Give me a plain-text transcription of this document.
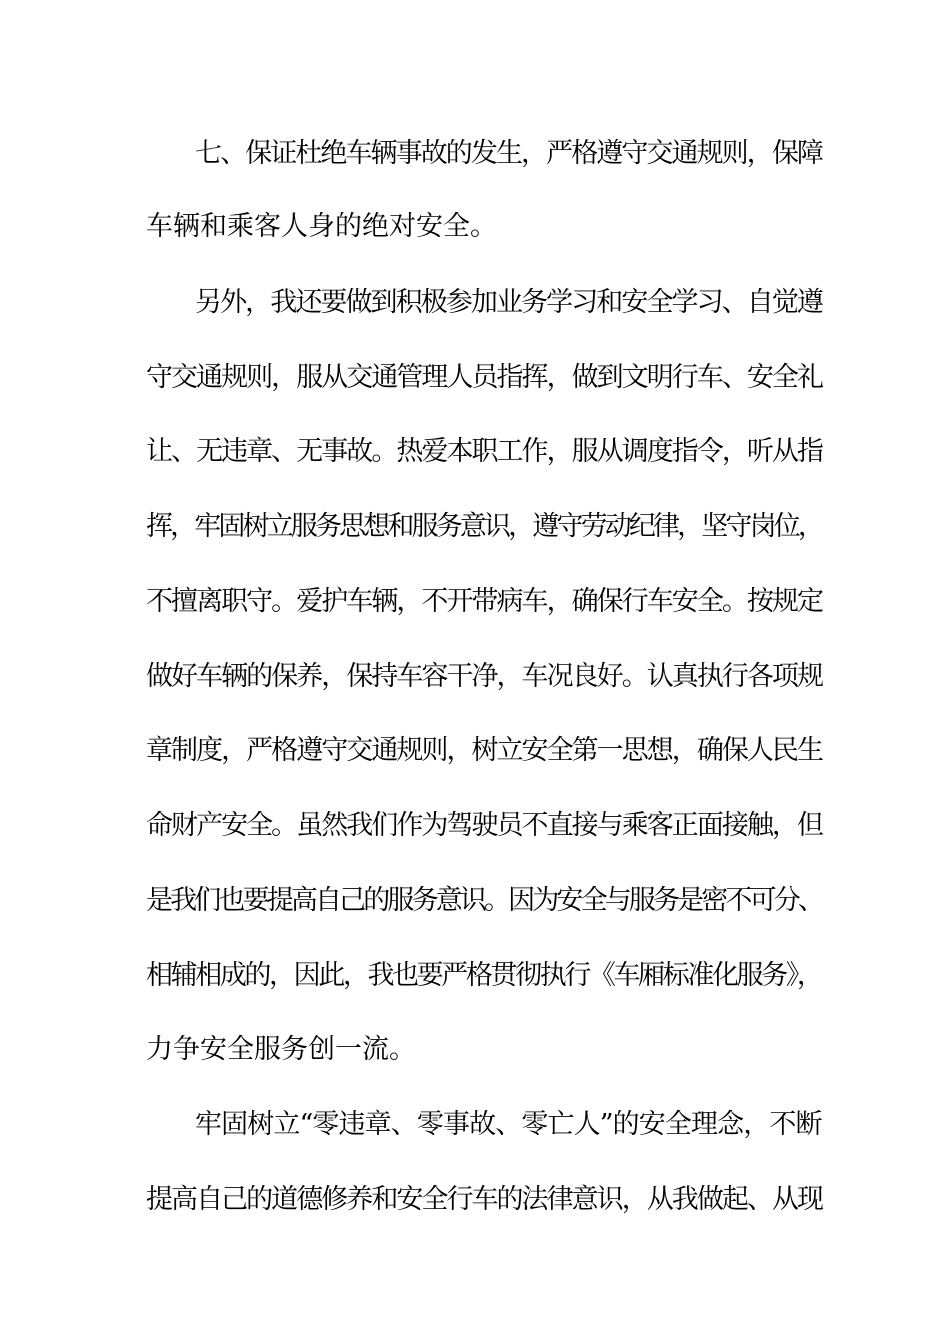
七、保证杜绝车辆事故的发生，严格遵守交通规则，保障
车辆和乘客人身的绝对安全。
另外，我还要做到积极参加业务学习和安全学习、自觉遵
守交通规则，服从交通管理人员指挥，做到文明行车、安全礼
让、无违章、无事故。热爱本职工作，服从调度指令，听从指
挥，牢固树立服务思想和服务意识，遵守劳动纪律，坚守岗位，
不擅离职守。爱护车辆，不开带病车，确保行车安全。按规定
做好车辆的保养，保持车容干净，车况良好。认真执行各项规
章制度，严格遵守交通规则，树立安全第一思想，确保人民生
命财产安全。虽然我们作为驾驶员不直接与乘客正面接触，但
是我们也要提高自己的服务意识。因为安全与服务是密不可分、
相辅相成的，因此，我也要严格贯彻执行《车厢标准化服务》，
力争安全服务创一流。
牢固树立“零违章、零事故、零亡人”的安全理念，不断
提高自己的道德修养和安全行车的法律意识，从我做起、从现
